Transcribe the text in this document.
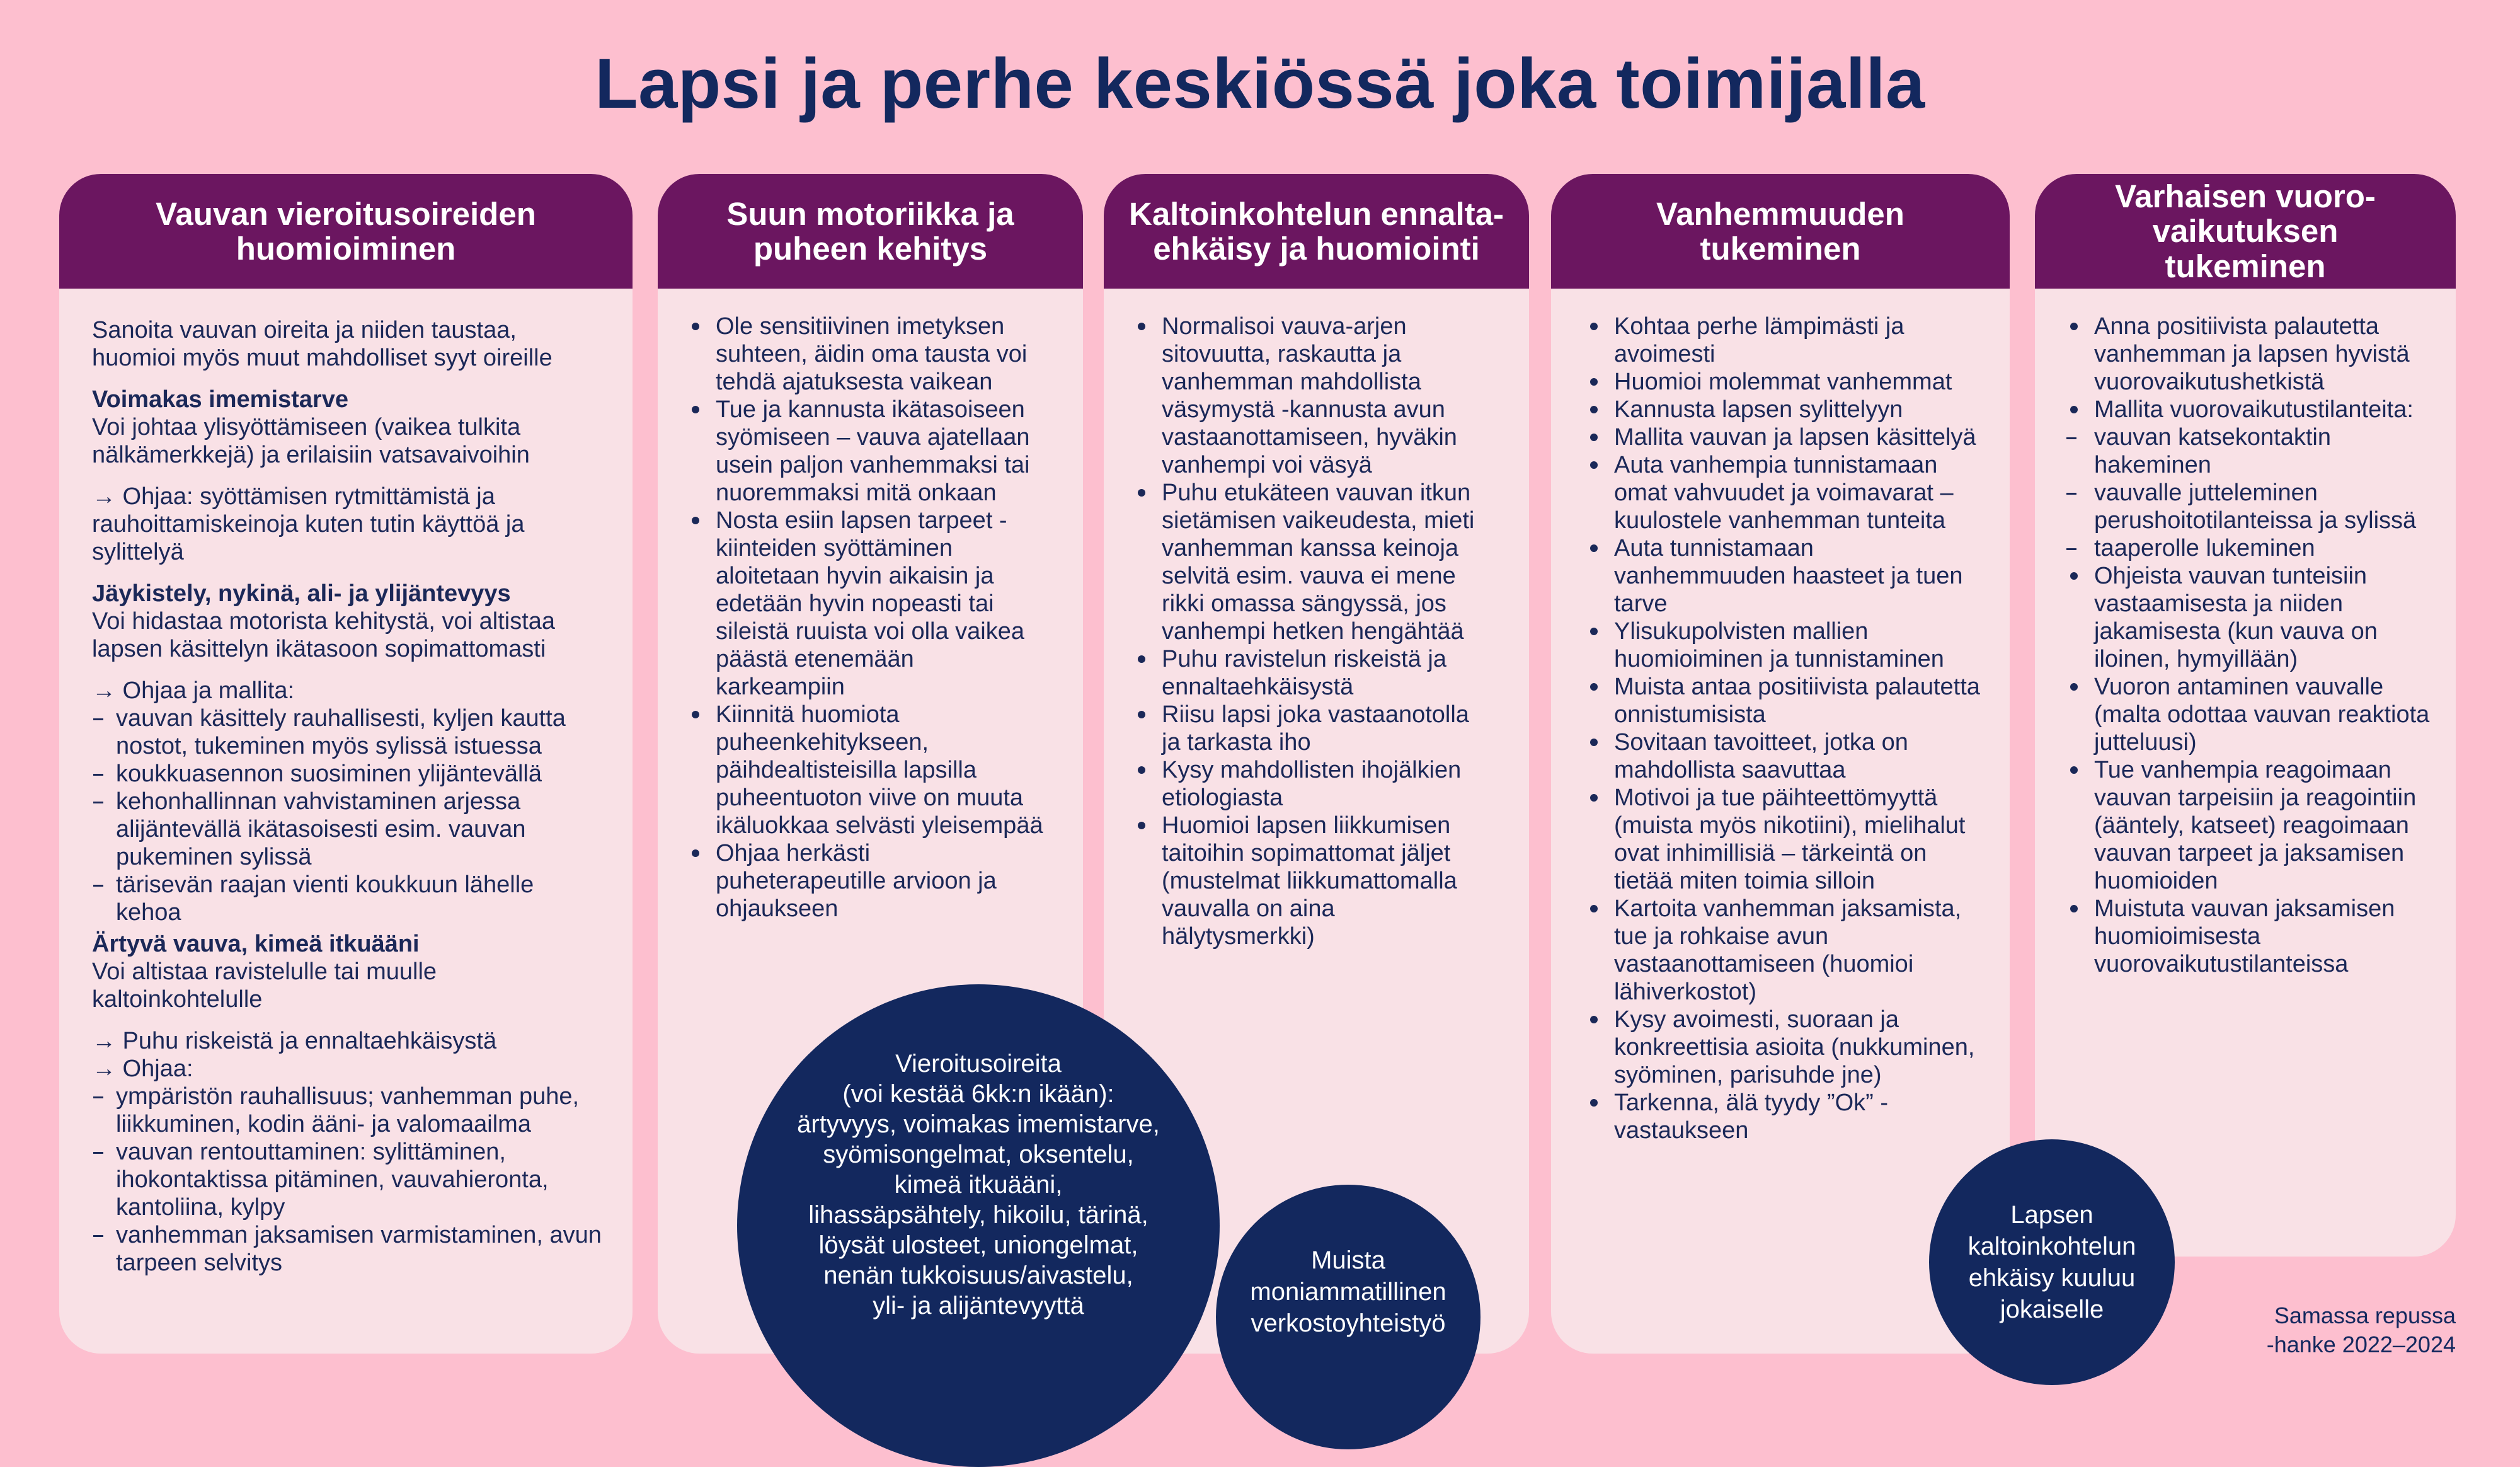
Lapsi ja perhe keskiössä joka toimijalla
Vauvan vieroitusoireiden huomioiminen

Sanoita vauvan oireita ja niiden taustaa, huomioi myös muut mahdolliset syyt oireille

Voimakas imemistarve

Voi johtaa ylisyöttämiseen (vaikea tulkita nälkämerkkejä) ja erilaisiin vatsavaivoihin

→ Ohjaa: syöttämisen rytmittämistä ja rauhoittamiskeinoja kuten tutin käyttöä ja sylittelyä

Jäykistely, nykinä, ali- ja ylijäntevyys

Voi hidastaa motorista kehitystä, voi altistaa lapsen käsittelyn ikätasoon sopimattomasti

→ Ohjaa ja mallita:

vauvan käsittely rauhallisesti, kyljen kautta nostot, tukeminen myös sylissä istuessa
koukkuasennon suosiminen ylijäntevällä
kehonhallinnan vahvistaminen arjessa alijäntevällä ikätasoisesti esim. vauvan pukeminen sylissä
tärisevän raajan vienti koukkuun lähelle kehoa

Ärtyvä vauva, kimeä itkuääni

Voi altistaa ravistelulle tai muulle kaltoinkohtelulle

→ Puhu riskeistä ja ennaltaehkäisystä

→ Ohjaa:

ympäristön rauhallisuus; vanhemman puhe, liikkuminen, kodin ääni- ja valomaailma
vauvan rentouttaminen: sylittäminen, ihokontaktissa pitäminen, vauvahieronta, kantoliina, kylpy
vanhemman jaksamisen varmistaminen, avun tarpeen selvitys
Suun motoriikka ja puheen kehitys
Ole sensitiivinen imetyksen suhteen, äidin oma tausta voi tehdä ajatuksesta vaikean
Tue ja kannusta ikätasoiseen syömiseen – vauva ajatellaan usein paljon vanhemmaksi tai nuoremmaksi mitä onkaan
Nosta esiin lapsen tarpeet - kiinteiden syöttäminen aloitetaan hyvin aikaisin ja edetään hyvin nopeasti tai sileistä ruuista voi olla vaikea päästä etenemään karkeampiin
Kiinnitä huomiota puheenkehitykseen, päihdealtisteisilla lapsilla puheentuoton viive on muuta ikäluokkaa selvästi yleisempää
Ohjaa herkästi puheterapeutille arvioon ja ohjaukseen
Kaltoinkohtelun ennalta-ehkäisy ja huomiointi
Normalisoi vauva-arjen sitovuutta, raskautta ja vanhemman mahdollista väsymystä -kannusta avun vastaanottamiseen, hyväkin vanhempi voi väsyä
Puhu etukäteen vauvan itkun sietämisen vaikeudesta, mieti vanhemman kanssa keinoja selvitä esim. vauva ei mene rikki omassa sängyssä, jos vanhempi hetken hengähtää
Puhu ravistelun riskeistä ja ennaltaehkäisystä
Riisu lapsi joka vastaanotolla ja tarkasta iho
Kysy mahdollisten ihojälkien etiologiasta
Huomioi lapsen liikkumisen taitoihin sopimattomat jäljet (mustelmat liikkumattomalla vauvalla on aina hälytysmerkki)
Vanhemmuuden tukeminen
Kohtaa perhe lämpimästi ja avoimesti
Huomioi molemmat vanhemmat
Kannusta lapsen sylittelyyn
Mallita vauvan ja lapsen käsittelyä
Auta vanhempia tunnistamaan omat vahvuudet ja voimavarat – kuulostele vanhemman tunteita
Auta tunnistamaan vanhemmuuden haasteet ja tuen tarve
Ylisukupolvisten mallien huomioiminen ja tunnistaminen
Muista antaa positiivista palautetta onnistumisista
Sovitaan tavoitteet, jotka on mahdollista saavuttaa
Motivoi ja tue päihteettömyyttä (muista myös nikotiini), mielihalut ovat inhimillisiä – tärkeintä on tietää miten toimia silloin
Kartoita vanhemman jaksamista, tue ja rohkaise avun vastaanottamiseen (huomioi lähiverkostot)
Kysy avoimesti, suoraan ja konkreettisia asioita (nukkuminen, syöminen, parisuhde jne)
Tarkenna, älä tyydy ”Ok” -vastaukseen
Varhaisen vuoro-vaikutuksen tukeminen
Anna positiivista palautetta vanhemman ja lapsen hyvistä vuorovaikutushetkistä
Mallita vuorovaikutustilanteita:
vauvan katsekontaktin hakeminen
vauvalle jutteleminen perushoitotilanteissa ja sylissä
taaperolle lukeminen
Ohjeista vauvan tunteisiin vastaamisesta ja niiden jakamisesta (kun vauva on iloinen, hymyillään)
Vuoron antaminen vauvalle (malta odottaa vauvan reaktiota jutteluusi)
Tue vanhempia reagoimaan vauvan tarpeisiin ja reagointiin (ääntely, katseet) reagoimaan vauvan tarpeet ja jaksamisen huomioiden
Muistuta vauvan jaksamisen huomioimisesta vuorovaikutustilanteissa
Vieroitusoireita
(voi kestää 6kk:n ikään):
ärtyvyys, voimakas imemistarve,
syömisongelmat, oksentelu,
kimeä itkuääni,
lihassäpsähtely, hikoilu, tärinä,
löysät ulosteet, uniongelmat,
nenän tukkoisuus/aivastelu,
yli- ja alijäntevyyttä
Muista
moniammatillinen
verkostoyhteistyö
Lapsen
kaltoinkohtelun
ehkäisy kuuluu
jokaiselle	Samassa repussa
-hanke 2022–2024
